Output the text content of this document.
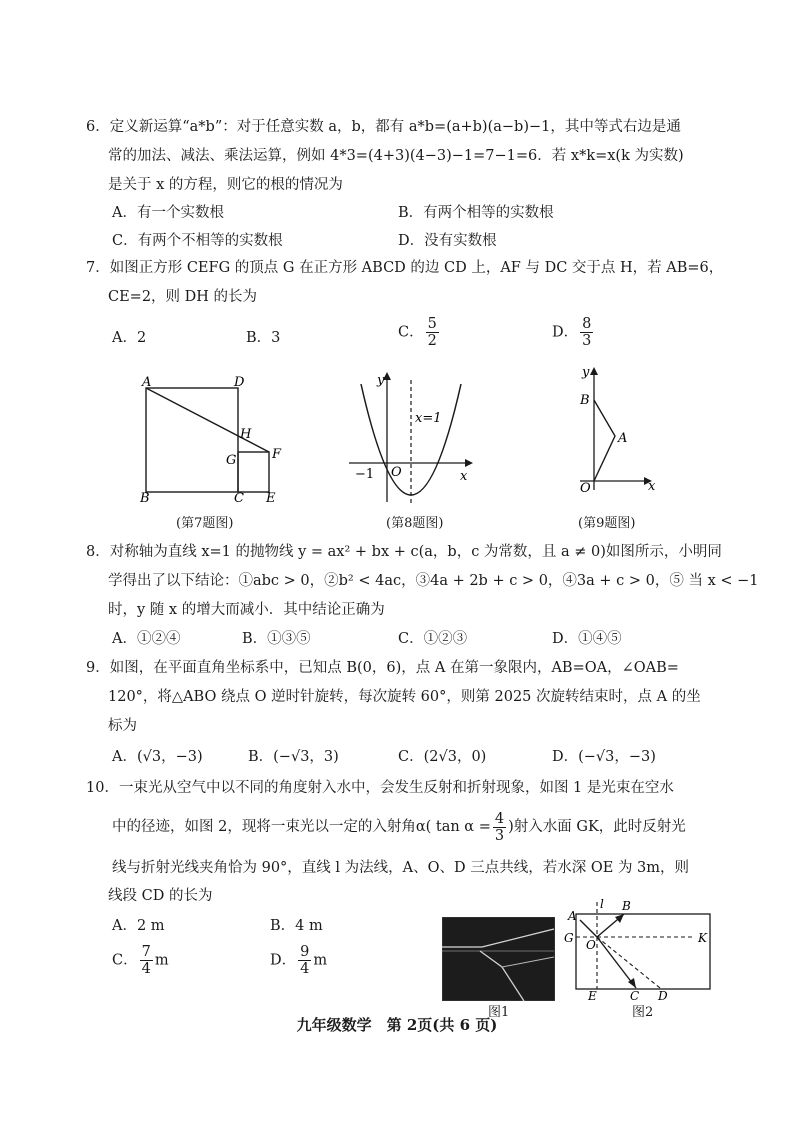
6．定义新运算“a*b”：对于任意实数 a，b，都有 a*b=(a+b)(a−b)−1，其中等式右边是通
常的加法、减法、乘法运算，例如 4*3=(4+3)(4−3)−1=7−1=6．若 x*k=x(k 为实数)
是关于 x 的方程，则它的根的情况为
A．有一个实数根	B．有两个相等的实数根
C．有两个不相等的实数根	D．没有实数根
7．如图正方形 CEFG 的顶点 G 在正方形 ABCD 的边 CD 上，AF 与 DC 交于点 H，若 AB=6，
CE=2，则 DH 的长为
A．2	B．3	C． $\frac{5}{2}$	D． $\frac{8}{3}$
A	D
B	C E
F
G
H
(第7题图)
y
x
O
−1
x=1
(第8题图)
y
x
O
A
B
(第9题图)
8．对称轴为直线 x=1 的抛物线 y = ax² + bx + c(a，b，c 为常数，且 a ≠ 0)如图所示，小明同
学得出了以下结论：①abc > 0，②b² < 4ac，③4a + 2b + c > 0，④3a + c > 0，⑤ 当 x < −1
时，y 随 x 的增大而减小．其中结论正确为
A．①②④	B．①③⑤	C．①②③	D．①④⑤
9．如图，在平面直角坐标系中，已知点 B(0，6)，点 A 在第一象限内，AB=OA，∠OAB=
120°，将△ABO 绕点 O 逆时针旋转，每次旋转 60°，则第 2025 次旋转结束时，点 A 的坐
标为
A．(√3，−3)	B．(−√3，3)	C．(2√3，0)	D．(−√3，−3)
10．一束光从空气中以不同的角度射入水中，会发生反射和折射现象，如图 1 是光束在空水
中的径迹，如图 2，现将一束光以一定的入射角α( $\tan \alpha = \frac{4}{3}$ )射入水面 GK，此时反射光
线与折射光线夹角恰为 90°，直线 l 为法线，A、O、D 三点共线，若水深 OE 为 3m，则
线段 CD 的长为
A．2 m	B．4 m
C． $\frac{7}{4}$ m	D． $\frac{9}{4}$ m
图1
A
B
l
G O	K
E	C D
图2
九年级数学　第 2页(共 6 页)
